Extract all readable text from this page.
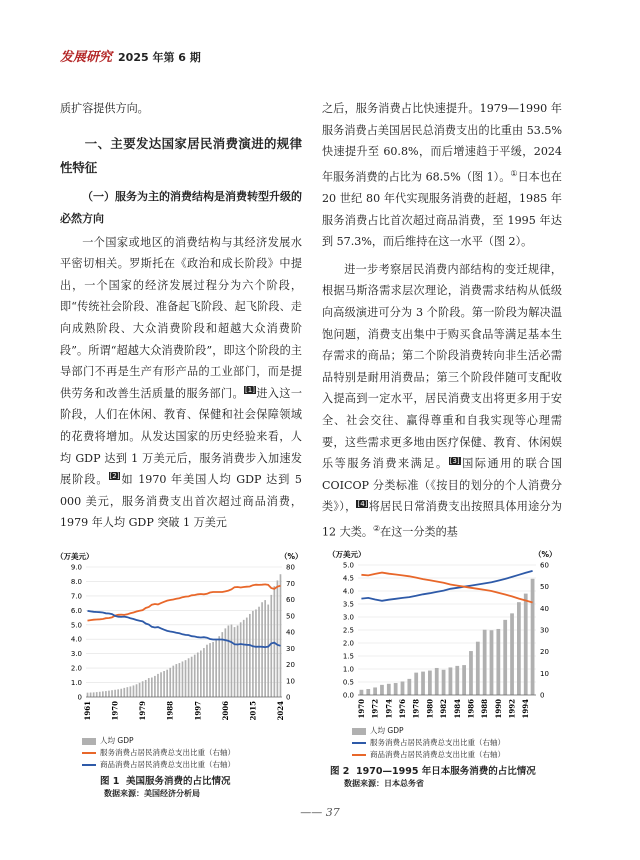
发展研究 2025 年第 6 期

质扩容提供方向。

一、主要发达国家居民消费演进的规律性特征

（一）服务为主的消费结构是消费转型升级的必然方向

一个国家或地区的消费结构与其经济发展水平密切相关。罗斯托在《政治和成长阶段》中提出，一个国家的经济发展过程分为六个阶段，即“传统社会阶段、准备起飞阶段、起飞阶段、走向成熟阶段、大众消费阶段和超越大众消费阶段”。所谓“超越大众消费阶段”，即这个阶段的主导部门不再是生产有形产品的工业部门，而是提供劳务和改善生活质量的服务部门。[1]进入这一阶段，人们在休闲、教育、保健和社会保障领域的花费将增加。从发达国家的历史经验来看，人均 GDP 达到 1 万美元后，服务消费步入加速发展阶段。[2]如 1970 年美国人均 GDP 达到 5 000 美元，服务消费支出首次超过商品消费，1979 年人均 GDP 突破 1 万美元

之后，服务消费占比快速提升。1979—1990 年服务消费占美国居民总消费支出的比重由 53.5% 快速提升至 60.8%，而后增速趋于平缓，2024 年服务消费的占比为 68.5%（图 1）。①日本也在 20 世纪 80 年代实现服务消费的赶超，1985 年服务消费占比首次超过商品消费，至 1995 年达到 57.3%，而后维持在这一水平（图 2）。

进一步考察居民消费内部结构的变迁规律，根据马斯洛需求层次理论，消费需求结构从低级向高级演进可分为 3 个阶段。第一阶段为解决温饱问题，消费支出集中于购买食品等满足基本生存需求的商品；第二个阶段消费转向非生活必需品特别是耐用消费品；第三个阶段伴随可支配收入提高到一定水平，居民消费支出将更多用于安全、社会交往、赢得尊重和自我实现等心理需要，这些需求更多地由医疗保健、教育、休闲娱乐等服务消费来满足。[3]国际通用的联合国 COICOP 分类标准（《按目的划分的个人消费分类》），[4]将居民日常消费支出按照具体用途分为 12 大类。②在这一分类的基

（万美元）	（%）
0
1.0
2.0
3.0
4.0
5.0
6.0
7.0
8.0
9.0
0
10
20
30
40
50
60
70
80
1961	1970	1979	1988	1997	2006	2015	2024
人均 GDP
服务消费占居民消费总支出比重（右轴）
商品消费占居民消费总支出比重（右轴）
图 1 美国服务消费的占比情况
数据来源：美国经济分析局
（万美元）	（%）
0.0
0.5
1.0
1.5
2.0
2.5
3.0
3.5
4.0
4.5
5.0
0
10
20
30
40
50
60
1970 1972 1974 1976 1978 1980 1982 1984 1986 1988 1990 1992 1994
人均 GDP
服务消费占居民消费总支出比重（右轴）
商品消费占居民消费总支出比重（右轴）
图 2 1970—1995 年日本服务消费的占比情况
数据来源：日本总务省
—— 37
